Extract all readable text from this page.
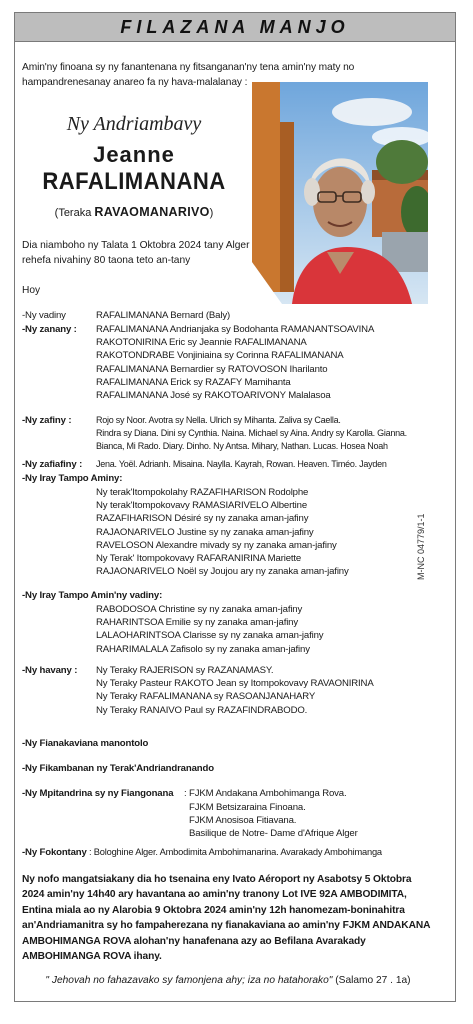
FILAZANA MANJO
Amin'ny finoana sy ny fanantenana ny fitsanganan'ny tena amin'ny maty no hampandrenesanay anareo fa ny hava-malalanay :
Ny Andriambavy
Jeanne
RAFALIMANANA
(Teraka RAVAOMANARIVO)
Dia niamboho ny Talata 1 Oktobra 2024 tany Alger rehefa nivahiny 80 taona teto an-tany
Hoy
-Ny vadiny	RAFALIMANANA Bernard (Baly)
-Ny zanany : RAFALIMANANA Andrianjaka sy Bodohanta RAMANANTSOAVINA
RAKOTONIRINA Eric sy Jeannie RAFALIMANANA
RAKOTONDRABE Vonjiniaina sy Corinna RAFALIMANANA
RAFALIMANANA Bernardier sy RATOVOSON Iharilanto
RAFALIMANANA Erick sy RAZAFY Mamihanta
RAFALIMANANA José sy RAKOTOARIVONY Malalasoa
-Ny zafiny :	Rojo sy Noor. Avotra sy Nella. Ulrich sy Mihanta. Zaliva sy Caella.
Rindra sy Diana. Dini sy Cynthia. Naina. Michael sy Aina. Andry sy Karolla. Gianna.
Bianca, Mi Rado. Diary. Dinho. Ny Antsa. Mihary, Nathan. Lucas. Hosea Noah
-Ny zafiafiny : Jena. Yoël. Adrianh. Misaina. Naylla. Kayrah, Rowan. Heaven. Timéo. Jayden
-Ny Iray Tampo Aminy:
Ny terak'Itompokolahy RAZAFIHARISON Rodolphe
Ny terak'Itompokovavy RAMASIARIVELO Albertine
RAZAFIHARISON Désiré sy ny zanaka aman-jafiny
RAJAONARIVELO Justine sy ny zanaka aman-jafiny
RAVELOSON Alexandre mivady sy ny zanaka aman-jafiny
Ny Terak' Itompokovavy RAFARANIRINA Mariette
RAJAONARIVELO Noël sy Joujou ary ny zanaka aman-jafiny
-Ny Iray Tampo Amin'ny vadiny:
RABODOSOA Christine sy ny zanaka aman-jafiny
RAHARINTSOA Emilie sy ny zanaka aman-jafiny
LALAOHARINTSOA Clarisse sy ny zanaka aman-jafiny
RAHARIMALALA Zafisolo sy ny zanaka aman-jafiny
-Ny havany : Ny Teraky RAJERISON sy RAZANAMASY.
Ny Teraky Pasteur RAKOTO Jean sy Itompokovavy RAVAONIRINA
Ny Teraky RAFALIMANANA sy RASOANJANAHARY
Ny Teraky RANAIVO Paul sy RAZAFINDRABODO.
-Ny Fianakaviana manontolo
-Ny Fikambanan ny Terak'Andriandranando
-Ny Mpitandrina sy ny Fiangonana : FJKM Andakana Ambohimanga Rova.
FJKM Betsizaraina Finoana.
FJKM Anosisoa Fitiavana.
Basilique de Notre- Dame d'Afrique Alger
-Ny Fokontany : Bologhine Alger. Ambodimita Ambohimanarina. Avarakady Ambohimanga
M-NC 04779/1-1
Ny nofo mangatsiakany dia ho tsenaina eny Ivato Aéroport ny Asabotsy 5 Oktobra 2024 amin'ny 14h40 ary havantana ao amin'ny tranony Lot IVE 92A AMBODIMITA, Entina miala ao ny Alarobia 9 Oktobra 2024 amin'ny 12h hanomezam-boninahitra an'Andriamanitra sy ho fampaherezana ny fianakaviana ao amin'ny FJKM ANDAKANA AMBOHIMANGA ROVA alohan'ny hanafenana azy ao Befilana Avarakady AMBOHIMANGA ROVA ihany.
" Jehovah no fahazavako sy famonjena ahy; iza no hatahorako" (Salamo 27 . 1a)
